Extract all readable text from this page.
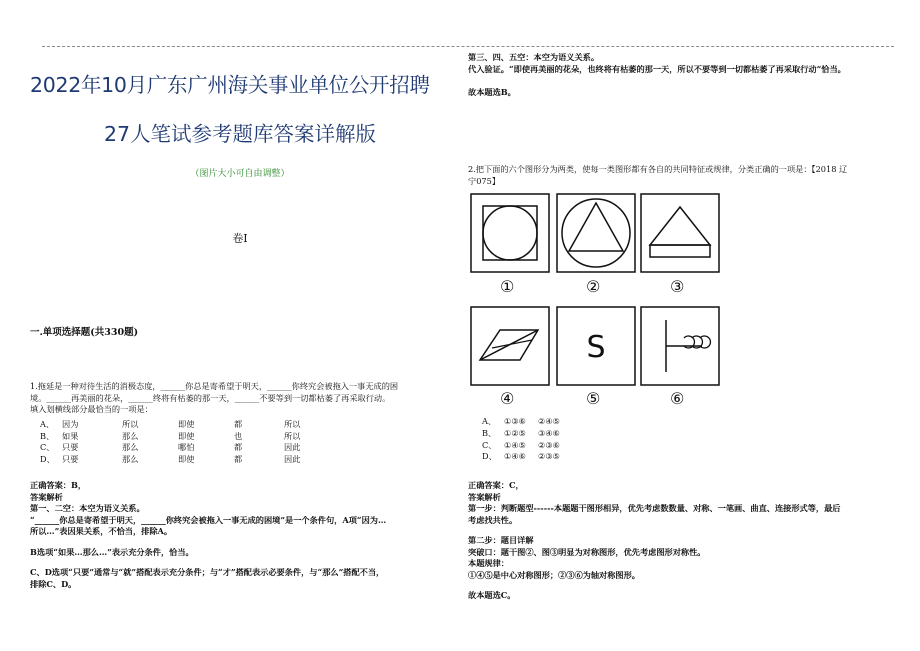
2022年10月广东广州海关事业单位公开招聘
27人笔试参考题库答案详解版
（图片大小可自由调整）
卷I
一.单项选择题(共330题)

1.拖延是一种对待生活的消极态度，______你总是寄希望于明天，______你终究会被拖入一事无成的困

境。______再美丽的花朵，______终将有枯萎的那一天，______不要等到一切都枯萎了再采取行动。

填入划横线部分最恰当的一项是：

A、 因为	所以	即使	都	所以
B、 如果	那么	即使	也	所以
C、 只要	那么	哪怕	都	因此
D、 只要	那么	即使	都	因此

正确答案：B，

答案解析

第一、二空：本空为语义关系。

“______你总是寄希望于明天，______你终究会被拖入一事无成的困境”是一个条件句，A项“因为…

所以…”表因果关系，不恰当，排除A。

B选项“如果…那么…”表示充分条件，恰当。

C、D选项“只要”通常与“就”搭配表示充分条件；与“才”搭配表示必要条件，与“那么”搭配不当，

排除C、D。

第三、四、五空：本空为语义关系。

代入验证。“即使再美丽的花朵，也终将有枯萎的那一天，所以不要等到一切都枯萎了再采取行动”恰当。

故本题选B。

2.把下面的六个图形分为两类，使每一类图形都有各自的共同特征或规律，分类正确的一项是：【2018 辽

宁075】

S
①	②	③
④	⑤	⑥
A、 ①③⑥	②④⑤
B、 ①②⑤	③④⑥
C、 ①④⑤	②③⑥
D、 ①④⑥	②③⑤

正确答案：C，

答案解析

第一步：判断题型------本题题干图形相异，优先考虑数数量、对称、一笔画、曲直、连接形式等，最后

考虑找共性。

第二步：题目详解

突破口：题干图②、图③明显为对称图形，优先考虑图形对称性。

本题规律：

①④⑤是中心对称图形；②③⑥为轴对称图形。

故本题选C。
